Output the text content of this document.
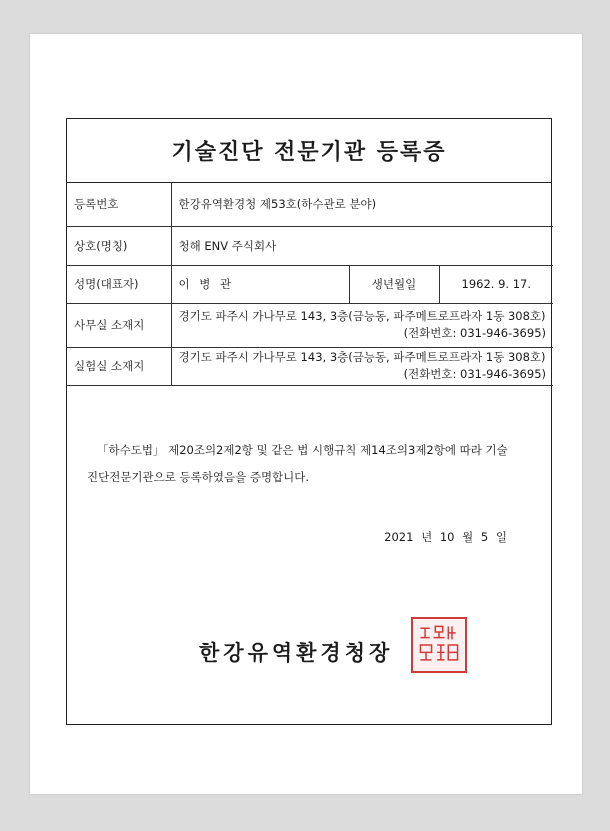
기술진단 전문기관 등록증
등록번호	한강유역환경청 제53호(하수관로 분야)		
상호(명칭)	청해 ENV 주식회사		
성명(대표자)	이 병 관	생년월일	1962. 9. 17.
사무실 소재지	경기도 파주시 가나무로 143, 3층(금능동, 파주메트로프라자 1동 308호)
(전화번호: 031-946-3695)		

실험실 소재지	경기도 파주시 가나무로 143, 3층(금능동, 파주메트로프라자 1동 308호)
(전화번호: 031-946-3695)		
「하수도법」 제20조의2제2항 및 같은 법 시행규칙 제14조의3제2항에 따라 기술
진단전문기관으로 등록하였음을 증명합니다.
2021 년 10 월 5 일
한강유역환경청장
